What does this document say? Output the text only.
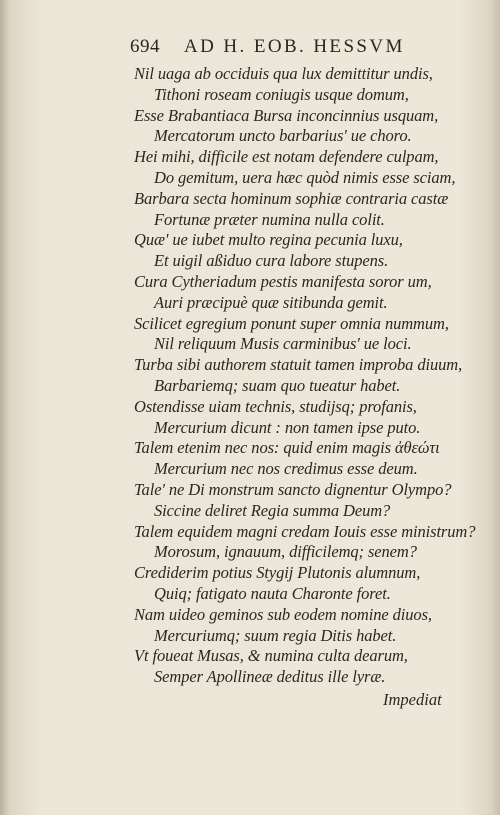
694 AD H. EOB. HESSVM
Nil uaga ab occiduis qua lux demittitur undis,
Tithoni roseam coniugis usque domum,
Esse Brabantiaca Bursa inconcinnius usquam,
Mercatorum uncto barbarius' ue choro.
Hei mihi, difficile est notam defendere culpam,
Do gemitum, uera hæc quòd nimis esse sciam,
Barbara secta hominum sophiæ contraria castæ
Fortunæ præter numina nulla colit.
Quæ' ue iubet multo regina pecunia luxu,
Et uigil aßiduo cura labore stupens.
Cura Cytheriadum pestis manifesta soror um,
Auri præcipuè quæ sitibunda gemit.
Scilicet egregium ponunt super omnia nummum,
Nil reliquum Musis carminibus' ue loci.
Turba sibi authorem statuit tamen improba diuum,
Barbariemq; suam quo tueatur habet.
Ostendisse uiam technis, studijsq; profanis,
Mercurium dicunt : non tamen ipse puto.
Talem etenim nec nos: quid enim magis ἀθεώτι
Mercurium nec nos credimus esse deum.
Tale' ne Di monstrum sancto dignentur Olympo?
Siccine deliret Regia summa Deum?
Talem equidem magni credam Iouis esse ministrum?
Morosum, ignauum, difficilemq; senem?
Crediderim potius Stygij Plutonis alumnum,
Quiq; fatigato nauta Charonte foret.
Nam uideo geminos sub eodem nomine diuos,
Mercuriumq; suum regia Ditis habet.
Vt foueat Musas, & numina culta dearum,
Semper Apollineæ deditus ille lyræ.
Impediat
